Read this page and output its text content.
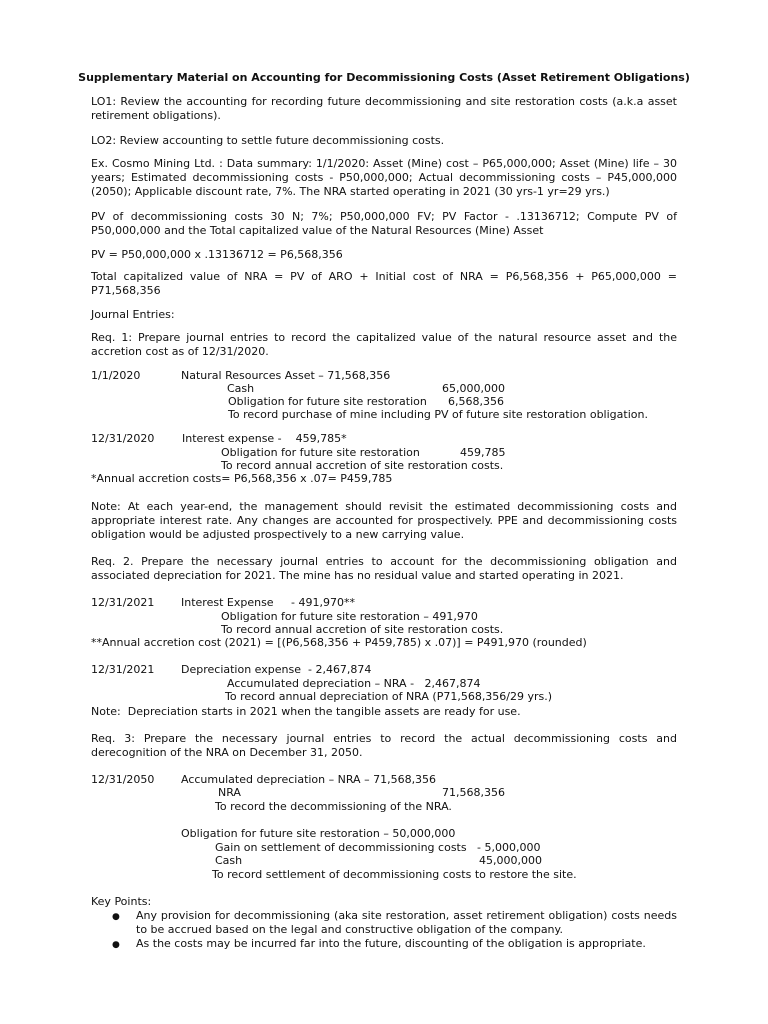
Supplementary Material on Accounting for Decommissioning Costs (Asset Retirement Obligations)
LO1: Review the accounting for recording future decommissioning and site restoration costs (a.k.a asset retirement obligations).
LO2: Review accounting to settle future decommissioning costs.
Ex. Cosmo Mining Ltd. : Data summary: 1/1/2020: Asset (Mine) cost – P65,000,000; Asset (Mine) life – 30 years; Estimated decommissioning costs - P50,000,000; Actual decommissioning costs – P45,000,000 (2050); Applicable discount rate, 7%. The NRA started operating in 2021 (30 yrs-1 yr=29 yrs.)
PV of decommissioning costs 30 N; 7%; P50,000,000 FV; PV Factor - .13136712; Compute PV of P50,000,000 and the Total capitalized value of the Natural Resources (Mine) Asset
PV = P50,000,000 x .13136712 = P6,568,356
Total capitalized value of NRA = PV of ARO + Initial cost of NRA = P6,568,356 + P65,000,000 = P71,568,356
Journal Entries:
Req. 1: Prepare journal entries to record the capitalized value of the natural resource asset and the accretion cost as of 12/31/2020.
1/1/2020	Natural Resources Asset – 71,568,356
Cash	65,000,000
Obligation for future site restoration 6,568,356
To record purchase of mine including PV of future site restoration obligation.
12/31/2020	Interest expense -    459,785*
Obligation for future site restoration	459,785
To record annual accretion of site restoration costs.
*Annual accretion costs= P6,568,356 x .07= P459,785
Note: At each year-end, the management should revisit the estimated decommissioning costs and appropriate interest rate. Any changes are accounted for prospectively. PPE and decommissioning costs obligation would be adjusted prospectively to a new carrying value.
Req. 2. Prepare the necessary journal entries to account for the decommissioning obligation and associated depreciation for 2021. The mine has no residual value and started operating in 2021.
12/31/2021 Interest Expense     - 491,970**
Obligation for future site restoration – 491,970
To record annual accretion of site restoration costs.
**Annual accretion cost (2021) = [(P6,568,356 + P459,785) x .07)] = P491,970 (rounded)
12/31/2021 Depreciation expense  - 2,467,874
Accumulated depreciation – NRA -   2,467,874
To record annual depreciation of NRA (P71,568,356/29 yrs.)
Note:  Depreciation starts in 2021 when the tangible assets are ready for use.
Req. 3: Prepare the necessary journal entries to record the actual decommissioning costs and derecognition of the NRA on December 31, 2050.
12/31/2050 Accumulated depreciation – NRA – 71,568,356
NRA	71,568,356
To record the decommissioning of the NRA.
Obligation for future site restoration – 50,000,000
Gain on settlement of decommissioning costs - 5,000,000
Cash	45,000,000
To record settlement of decommissioning costs to restore the site.
Key Points:
● Any provision for decommissioning (aka site restoration, asset retirement obligation) costs needs to be accrued based on the legal and constructive obligation of the company.
● As the costs may be incurred far into the future, discounting of the obligation is appropriate.
